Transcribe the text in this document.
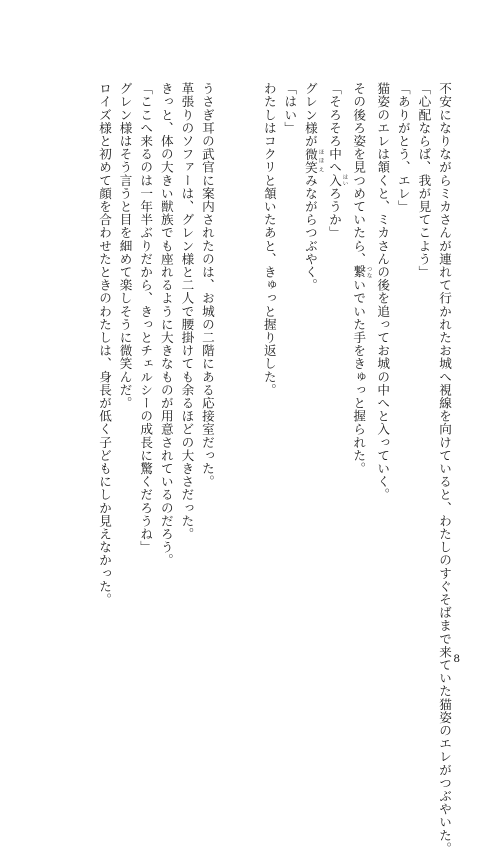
不安になりながらミカさんが連れて行かれたお城へ視線を向けていると、わたしのすぐそばまで来ていた猫姿のエレがつぶやいた。
「心配ならば、我が見てこよう」
「ありがとう、エレ」
猫姿のエレは頷くと、ミカさんの後を追ってお城の中へと入っていく。
その後ろ姿を見つめていたら、繋 つないでいた手をきゅっと握られた。
「そろそろ中へ入 はいろうか」
グレン様が微笑 ほほえみながらつぶやく。
「はい」
わたしはコクリと頷いたあと、きゅっと握り返した。
うさぎ耳の武官に案内されたのは、お城の二階にある応接室だった。
革張りのソファーは、グレン様と二人で腰掛けても余るほどの大きさだった。
きっと、体の大きい獣族でも座れるように大きなものが用意されているのだろう。
「ここへ来るのは一年半ぶりだから、きっとチェルシーの成長に驚くだろうね」
グレン様はそう言うと目を細めて楽しそうに微笑んだ。
ロイズ様と初めて顔を合わせたときのわたしは、身長が低く子どもにしか見えなかった。
8
